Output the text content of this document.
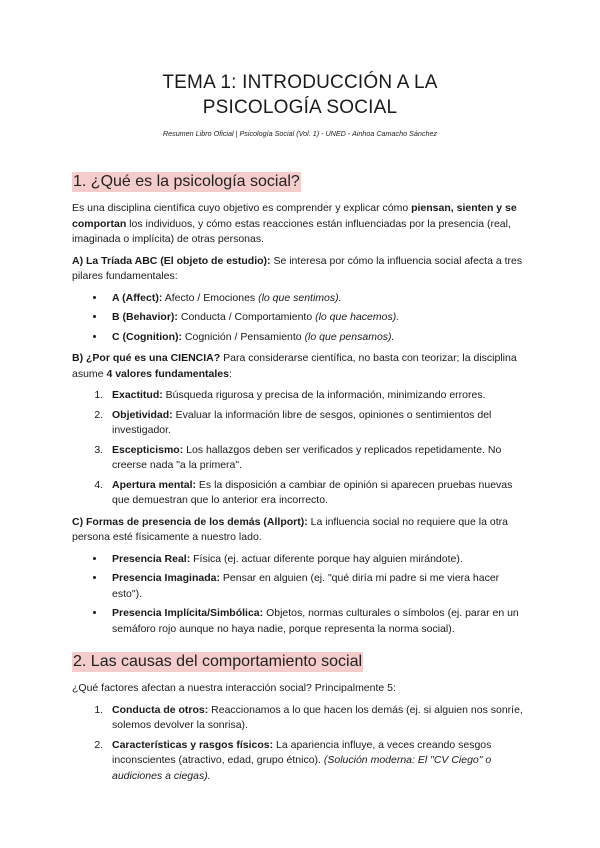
TEMA 1: INTRODUCCIÓN A LA
PSICOLOGÍA SOCIAL
Resumen Libro Oficial | Psicología Social (Vol. 1) - UNED - Ainhoa Camacho Sánchez
1. ¿Qué es la psicología social?

Es una disciplina científica cuyo objetivo es comprender y explicar cómo piensan, sienten y se comportan los individuos, y cómo estas reacciones están influenciadas por la presencia (real, imaginada o implícita) de otras personas.

A) La Tríada ABC (El objeto de estudio): Se interesa por cómo la influencia social afecta a tres pilares fundamentales:

• A (Affect): Afecto / Emociones (lo que sentimos).
• B (Behavior): Conducta / Comportamiento (lo que hacemos).
• C (Cognition): Cognición / Pensamiento (lo que pensamos).

B) ¿Por qué es una CIENCIA? Para considerarse científica, no basta con teorizar; la disciplina asume 4 valores fundamentales:

1. Exactitud: Búsqueda rigurosa y precisa de la información, minimizando errores.
2. Objetividad: Evaluar la información libre de sesgos, opiniones o sentimientos del investigador.
3. Escepticismo: Los hallazgos deben ser verificados y replicados repetidamente. No creerse nada "a la primera".
4. Apertura mental: Es la disposición a cambiar de opinión si aparecen pruebas nuevas que demuestran que lo anterior era incorrecto.

C) Formas de presencia de los demás (Allport): La influencia social no requiere que la otra persona esté físicamente a nuestro lado.

• Presencia Real: Física (ej. actuar diferente porque hay alguien mirándote).
• Presencia Imaginada: Pensar en alguien (ej. "qué diría mi padre si me viera hacer esto").
• Presencia Implícita/Simbólica: Objetos, normas culturales o símbolos (ej. parar en un semáforo rojo aunque no haya nadie, porque representa la norma social).
2. Las causas del comportamiento social

¿Qué factores afectan a nuestra interacción social? Principalmente 5:

1. Conducta de otros: Reaccionamos a lo que hacen los demás (ej. si alguien nos sonríe, solemos devolver la sonrisa).
2. Características y rasgos físicos: La apariencia influye, a veces creando sesgos inconscientes (atractivo, edad, grupo étnico). (Solución moderna: El "CV Ciego" o audiciones a ciegas).
